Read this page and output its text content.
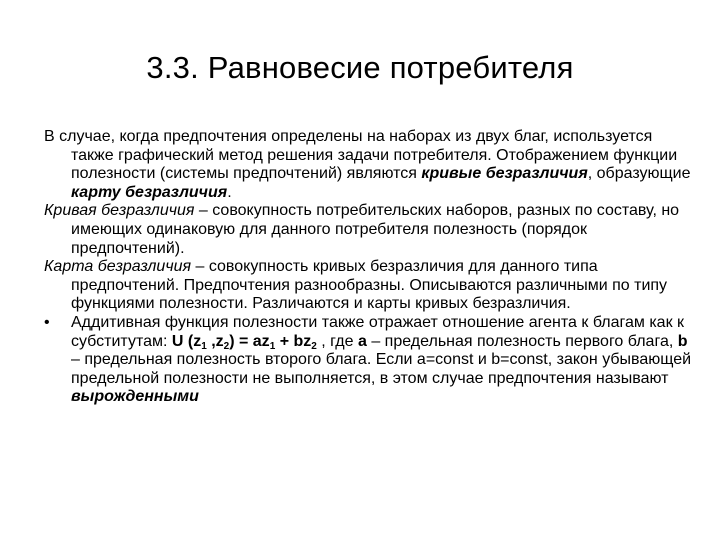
3.3. Равновесие потребителя

В случае, когда предпочтения определены на наборах из двух благ, используется также графический метод решения задачи потребителя. Отображением функции полезности (системы предпочтений) являются кривые безразличия, образующие карту безразличия.

Кривая безразличия – совокупность потребительских наборов, разных по составу, но имеющих одинаковую для данного потребителя полезность (порядок предпочтений).

Карта безразличия – совокупность кривых безразличия для данного типа предпочтений. Предпочтения разнообразны. Описываются различными по типу функциями полезности. Различаются и карты кривых безразличия.

•	Аддитивная функция полезности также отражает отношение агента к благам как к субститутам: U ($z_1$ $,z_2) = az_1 + bz_2$ , где a – предельная полезность первого блага, b – предельная полезность второго блага. Если a=const и b=const, закон убывающей предельной полезности не выполняется, в этом случае предпочтения называют вырожденными
